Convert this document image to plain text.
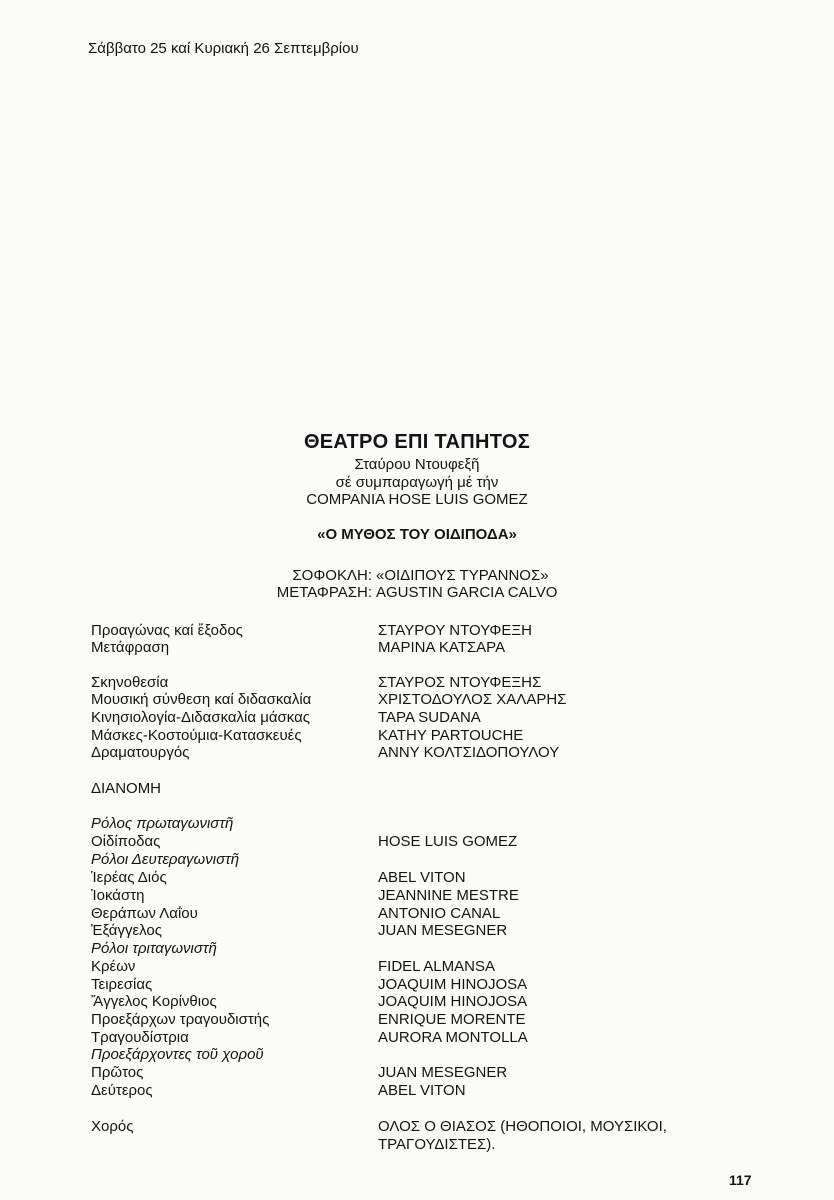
Σάββατο 25 καί Κυριακή 26 Σεπτεμβρίου
ΘΕΑΤΡΟ ΕΠΙ ΤΑΠΗΤΟΣ
Σταύρου Ντουφεξῆ
σέ συμπαραγωγή μέ τήν
COMPANIA HOSE LUIS GOMEZ
«Ο ΜΥΘΟΣ ΤΟΥ ΟΙΔΙΠΟΔΑ»
ΣΟΦΟΚΛΗ: «ΟΙΔΙΠΟΥΣ ΤΥΡΑΝΝΟΣ»
ΜΕΤΑΦΡΑΣΗ: AGUSTIN GARCIA CALVO
Προαγώνας καί ἔξοδος	ΣΤΑΥΡΟΥ ΝΤΟΥΦΕΞΗ
Μετάφραση	ΜΑΡΙΝΑ ΚΑΤΣΑΡΑ
Σκηνοθεσία	ΣΤΑΥΡΟΣ ΝΤΟΥΦΕΞΗΣ
Μουσική σύνθεση καί διδασκαλία	ΧΡΙΣΤΟΔΟΥΛΟΣ ΧΑΛΑΡΗΣ
Κινησιολογία-Διδασκαλία μάσκας	TAPA SUDANA
Μάσκες-Κοστούμια-Κατασκευές	KATHY PARTOUCHE
Δραματουργός	ΑΝΝΥ ΚΟΛΤΣΙΔΟΠΟΥΛΟΥ
ΔΙΑΝΟΜΗ
Ρόλος πρωταγωνιστῆ
Οἰδίποδας	HOSE LUIS GOMEZ
Ρόλοι Δευτεραγωνιστῆ
Ἱερέας Διός	ABEL VITON
Ἰοκάστη	JEANNINE MESTRE
Θεράπων Λαΐου	ANTONIO CANAL
Ἐξάγγελος	JUAN MESEGNER
Ρόλοι τριταγωνιστῆ
Κρέων	FIDEL ALMANSA
Τειρεσίας	JOAQUIM HINOJOSA
Ἄγγελος Κορίνθιος	JOAQUIM HINOJOSA
Προεξάρχων τραγουδιστής	ENRIQUE MORENTE
Τραγουδίστρια	AURORA MONTOLLA
Προεξάρχοντες τοῦ χοροῦ
Πρῶτος	JUAN MESEGNER
Δεύτερος	ABEL VITON
Χορός	ΟΛΟΣ Ο ΘΙΑΣΟΣ (ΗΘΟΠΟΙΟΙ, ΜΟΥΣΙΚΟΙ,
ΤΡΑΓΟΥΔΙΣΤΕΣ).
117
